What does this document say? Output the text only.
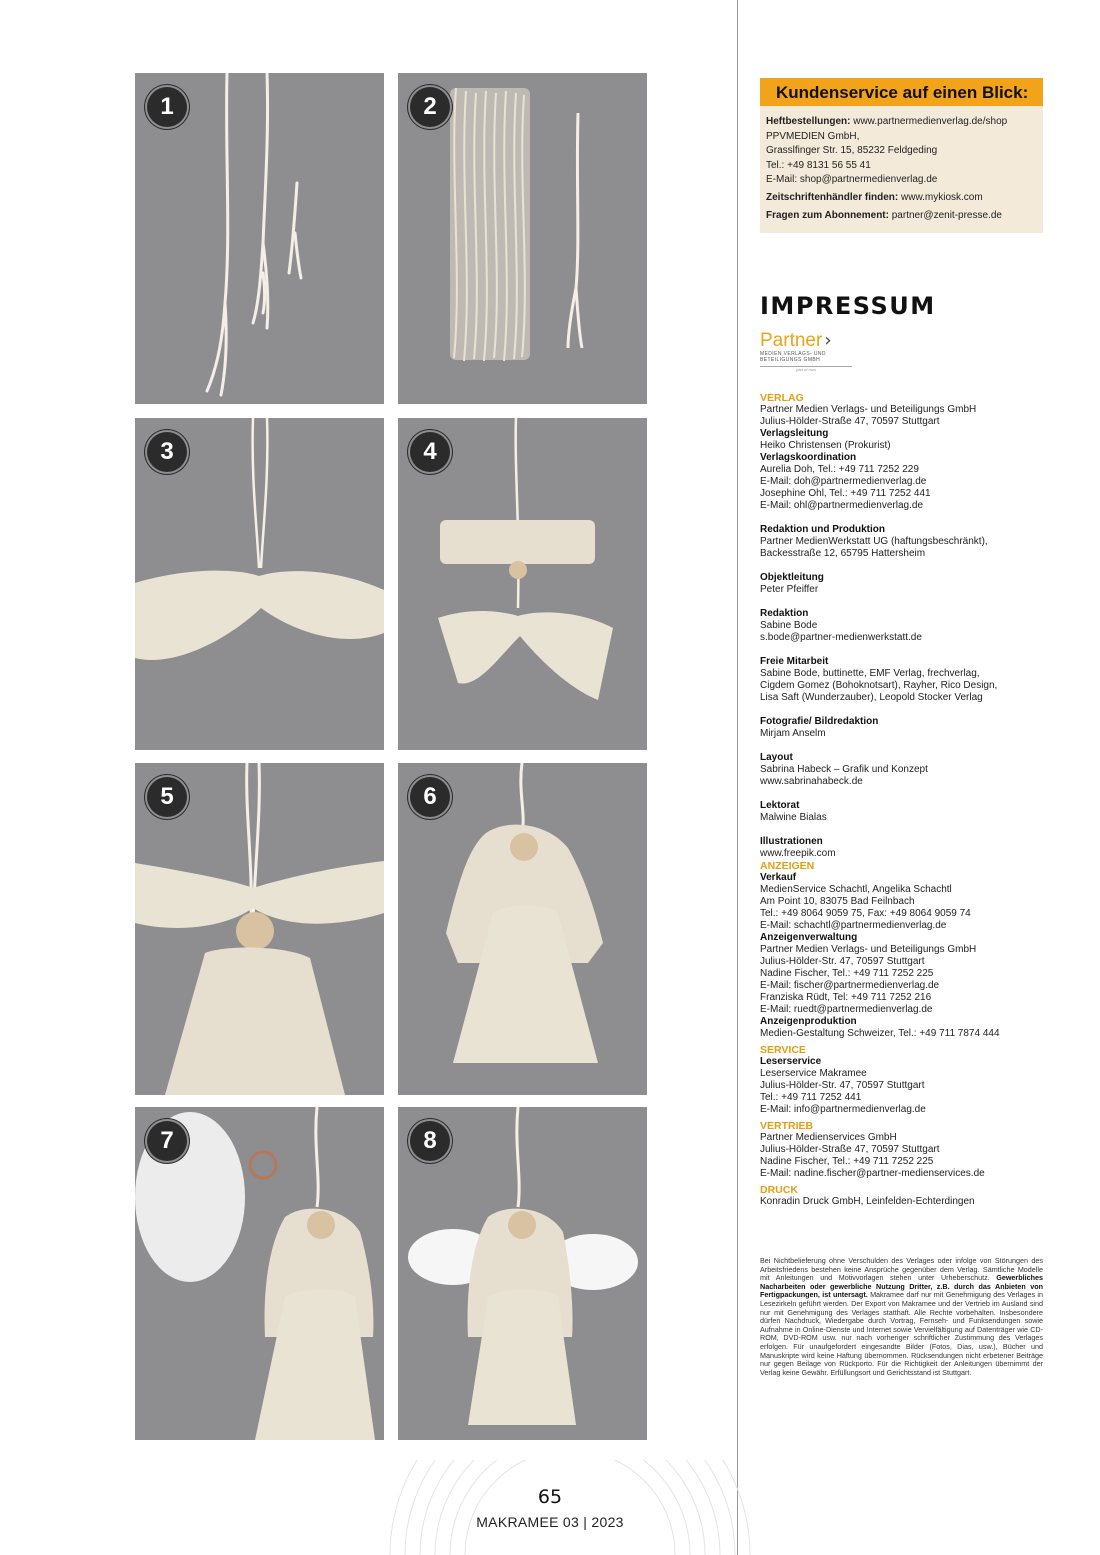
1	2
3	4
5	6
7	8
Kundenservice auf einen Blick:
Heftbestellungen: www.partnermedienverlag.de/shop
PPVMEDIEN GmbH,
Grasslfinger Str. 15, 85232 Feldgeding
Tel.: +49 8131 56 55 41
E-Mail: shop@partnermedienverlag.de
Zeitschriftenhändler finden: www.mykiosk.com
Fragen zum Abonnement: partner@zenit-presse.de
IMPRESSUM
Partner ›
MEDIEN VERLAGS- UND
BETEILIGUNGS GMBH
part of mzs
VERLAG
Partner Medien Verlags- und Beteiligungs GmbH
Julius-Hölder-Straße 47, 70597 Stuttgart
Verlagsleitung
Heiko Christensen (Prokurist)
Verlagskoordination
Aurelia Doh, Tel.: +49 711 7252 229
E-Mail: doh@partnermedienverlag.de
Josephine Ohl, Tel.: +49 711 7252 441
E-Mail: ohl@partnermedienverlag.de
Redaktion und Produktion
Partner MedienWerkstatt UG (haftungsbeschränkt),
Backesstraße 12, 65795 Hattersheim
Objektleitung
Peter Pfeiffer
Redaktion
Sabine Bode
s.bode@partner-medienwerkstatt.de
Freie Mitarbeit
Sabine Bode, buttinette, EMF Verlag, frechverlag,
Cigdem Gomez (Bohoknotsart), Rayher, Rico Design,
Lisa Saft (Wunderzauber), Leopold Stocker Verlag
Fotografie/ Bildredaktion
Mirjam Anselm
Layout
Sabrina Habeck – Grafik und Konzept
www.sabrinahabeck.de
Lektorat
Malwine Bialas
Illustrationen
www.freepik.com
ANZEIGEN
Verkauf
MedienService Schachtl, Angelika Schachtl
Am Point 10, 83075 Bad Feilnbach
Tel.: +49 8064 9059 75, Fax: +49 8064 9059 74
E-Mail: schachtl@partnermedienverlag.de
Anzeigenverwaltung
Partner Medien Verlags- und Beteiligungs GmbH
Julius-Hölder-Str. 47, 70597 Stuttgart
Nadine Fischer, Tel.: +49 711 7252 225
E-Mail: fischer@partnermedienverlag.de
Franziska Rüdt, Tel: +49 711 7252 216
E-Mail: ruedt@partnermedienverlag.de
Anzeigenproduktion
Medien-Gestaltung Schweizer, Tel.: +49 711 7874 444
SERVICE
Leserservice
Leserservice Makramee
Julius-Hölder-Str. 47, 70597 Stuttgart
Tel.: +49 711 7252 441
E-Mail: info@partnermedienverlag.de
VERTRIEB
Partner Medienservices GmbH
Julius-Hölder-Straße 47, 70597 Stuttgart
Nadine Fischer, Tel.: +49 711 7252 225
E-Mail: nadine.fischer@partner-medienservices.de
DRUCK
Konradin Druck GmbH, Leinfelden-Echterdingen
Bei Nichtbelieferung ohne Verschulden des Verlages oder infolge von Störungen des Arbeitsfriedens bestehen keine Ansprüche gegenüber dem Verlag. Sämtliche Modelle mit Anleitungen und Motivvorlagen stehen unter Urheberschutz. Gewerbliches Nacharbeiten oder gewerbliche Nutzung Dritter, z.B. durch das Anbieten von Fertigpackungen, ist untersagt. Makramee darf nur mit Genehmigung des Verlages in Lesezirkeln geführt werden. Der Export von Makramee und der Vertrieb im Ausland sind nur mit Genehmigung des Verlages statthaft. Alle Rechte vorbehalten. Insbesondere dürfen Nachdruck, Wiedergabe durch Vortrag, Fernseh- und Funksendungen sowie Aufnahme in Online-Dienste und Internet sowie Vervielfältigung auf Datenträger wie CD-ROM, DVD-ROM usw. nur nach vorheriger schriftlicher Zustimmung des Verlages erfolgen. Für unaufgefordert eingesandte Bilder (Fotos, Dias, usw.), Bücher und Manuskripte wird keine Haftung übernommen. Rücksendungen nicht erbetener Beiträge nur gegen Beilage von Rückporto. Für die Richtigkeit der Anleitungen übernimmt der Verlag keine Gewähr. Erfüllungsort und Gerichtsstand ist Stuttgart.
65
MAKRAMEE 03 | 2023
